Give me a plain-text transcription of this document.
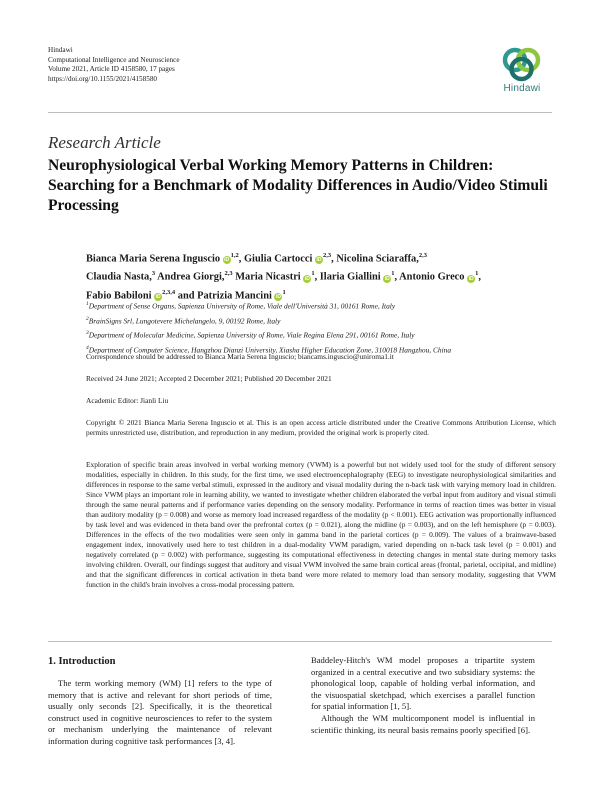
Hindawi
Computational Intelligence and Neuroscience
Volume 2021, Article ID 4158580, 17 pages
https://doi.org/10.1155/2021/4158580
Hindawi
Research Article
Neurophysiological Verbal Working Memory Patterns in Children: Searching for a Benchmark of Modality Differences in Audio/Video Stimuli Processing
Bianca Maria Serena Inguscio iD$^{1,2}$, Giulia Cartocci iD$^{2,3}$, Nicolina Sciaraffa,$^{2,3}$
Claudia Nasta,$^3$ Andrea Giorgi,$^{2,3}$ Maria Nicastri $iD^1$, Ilaria Giallini $iD^1$, Antonio Greco $iD^1$,
Fabio Babiloni iD$^{2,3,4}$ and Patrizia Mancini $iD^1$
$^1$Department of Sense Organs, Sapienza University of Rome, Viale dell'Università 31, 00161 Rome, Italy
$^2$BrainSigns Srl, Lungotevere Michelangelo, 9, 00192 Rome, Italy
$^3$Department of Molecular Medicine, Sapienza University of Rome, Viale Regina Elena 291, 00161 Rome, Italy
$^4$Department of Computer Science, Hangzhou Dianzi University, Xiasha Higher Education Zone, 310018 Hangzhou, China
Correspondence should be addressed to Bianca Maria Serena Inguscio; biancams.inguscio@uniroma1.it
Received 24 June 2021; Accepted 2 December 2021; Published 20 December 2021
Academic Editor: Jianli Liu
Copyright © 2021 Bianca Maria Serena Inguscio et al. This is an open access article distributed under the Creative Commons Attribution License, which permits unrestricted use, distribution, and reproduction in any medium, provided the original work is properly cited.
Exploration of specific brain areas involved in verbal working memory (VWM) is a powerful but not widely used tool for the study of different sensory modalities, especially in children. In this study, for the first time, we used electroencephalography (EEG) to investigate neurophysiological similarities and differences in response to the same verbal stimuli, expressed in the auditory and visual modality during the n-back task with varying memory load in children. Since VWM plays an important role in learning ability, we wanted to investigate whether children elaborated the verbal input from auditory and visual stimuli through the same neural patterns and if performance varies depending on the sensory modality. Performance in terms of reaction times was better in visual than auditory modality (p = 0.008) and worse as memory load increased regardless of the modality (p < 0.001). EEG activation was proportionally influenced by task level and was evidenced in theta band over the prefrontal cortex (p = 0.021), along the midline (p = 0.003), and on the left hemisphere (p = 0.003). Differences in the effects of the two modalities were seen only in gamma band in the parietal cortices (p = 0.009). The values of a brainwave-based engagement index, innovatively used here to test children in a dual-modality VWM paradigm, varied depending on n-back task level (p = 0.001) and negatively correlated (p = 0.002) with performance, suggesting its computational effectiveness in detecting changes in mental state during memory tasks involving children. Overall, our findings suggest that auditory and visual VWM involved the same brain cortical areas (frontal, parietal, occipital, and midline) and that the significant differences in cortical activation in theta band were more related to memory load than sensory modality, suggesting that VWM function in the child's brain involves a cross-modal processing pattern.
1. Introduction

The term working memory (WM) [1] refers to the type of memory that is active and relevant for short periods of time, usually only seconds [2]. Specifically, it is the theoretical construct used in cognitive neurosciences to refer to the system or mechanism underlying the maintenance of relevant information during cognitive task performances [3, 4].

Baddeley-Hitch's WM model proposes a tripartite system organized in a central executive and two subsidiary systems: the phonological loop, capable of holding verbal information, and the visuospatial sketchpad, which exercises a parallel function for spatial information [1, 5].

Although the WM multicomponent model is influential in scientific thinking, its neural basis remains poorly specified [6].
